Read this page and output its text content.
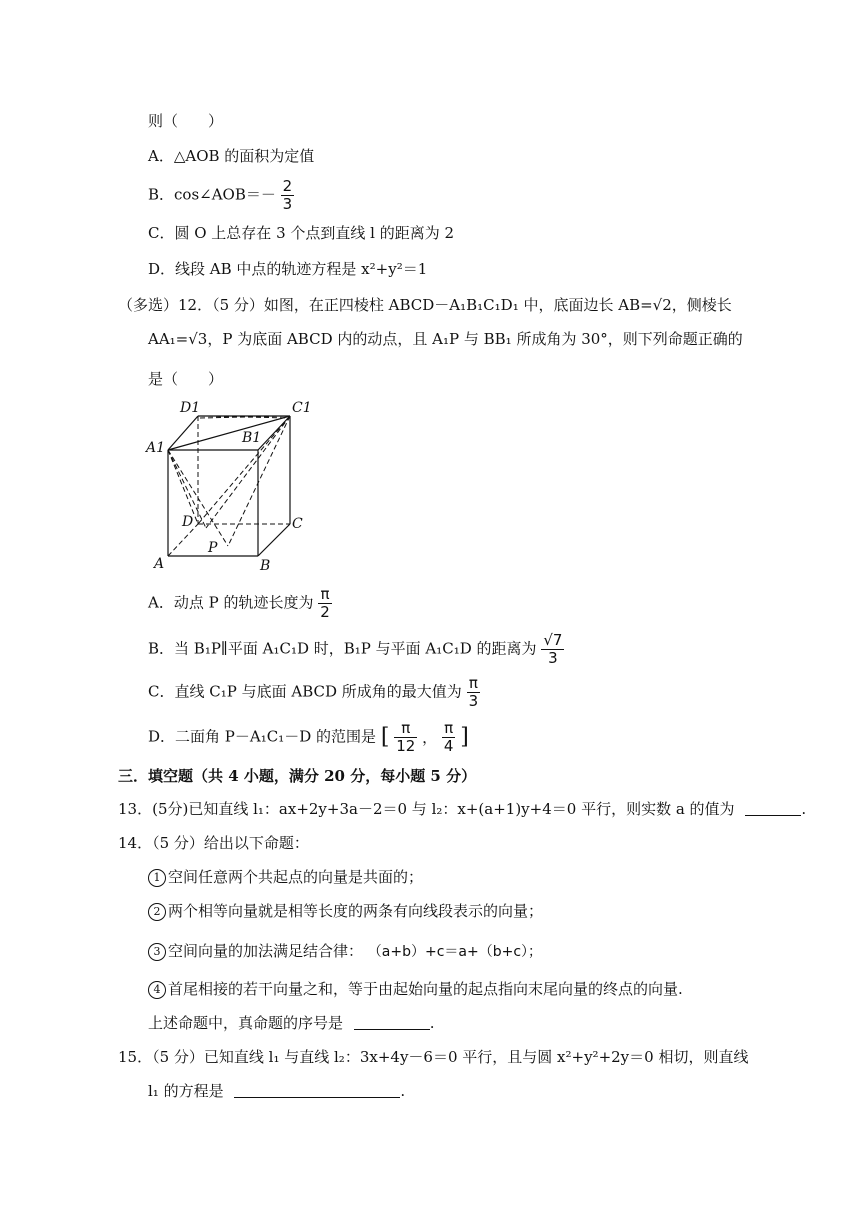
则（　　）
A．△AOB 的面积为定值
B．cos∠AOB＝－ $\frac{2}{3}$
C．圆 O 上总存在 3 个点到直线 l 的距离为 2
D．线段 AB 中点的轨迹方程是 x²+y²＝1
（多选）12．（5 分）如图，在正四棱柱 ABCD－A₁B₁C₁D₁ 中，底面边长 AB=√2，侧棱长
AA₁=√3，P 为底面 ABCD 内的动点，且 A₁P 与 BB₁ 所成角为 30°，则下列命题正确的
是（　　）
D1	C1
B1
A1
D	C
P
A	B
A．动点 P 的轨迹长度为 $\frac{\pi}{2}$
B．当 B₁P∥平面 A₁C₁D 时，B₁P 与平面 A₁C₁D 的距离为 $\frac{√7}{3}$
C．直线 C₁P 与底面 ABCD 所成角的最大值为 $\frac{\pi}{3}$
D．二面角 P－A₁C₁－D 的范围是 [ $\frac{\pi}{12}$ ， $\frac{\pi}{4}$ ]
三．填空题（共 4 小题，满分 20 分，每小题 5 分）
13．(5分)已知直线 l₁：ax+2y+3a－2＝0 与 l₂：x+(a+1)y+4＝0 平行，则实数 a 的值为	.
14．（5 分）给出以下命题：
1 空间任意两个共起点的向量是共面的；
2 两个相等向量就是相等长度的两条有向线段表示的向量；
3 空间向量的加法满足结合律： （a+b）+c＝a+（b+c）；
4 首尾相接的若干向量之和，等于由起始向量的起点指向末尾向量的终点的向量.
上述命题中，真命题的序号是	.
15．（5 分）已知直线 l₁ 与直线 l₂：3x+4y－6＝0 平行，且与圆 x²+y²+2y＝0 相切，则直线
l₁ 的方程是	.
